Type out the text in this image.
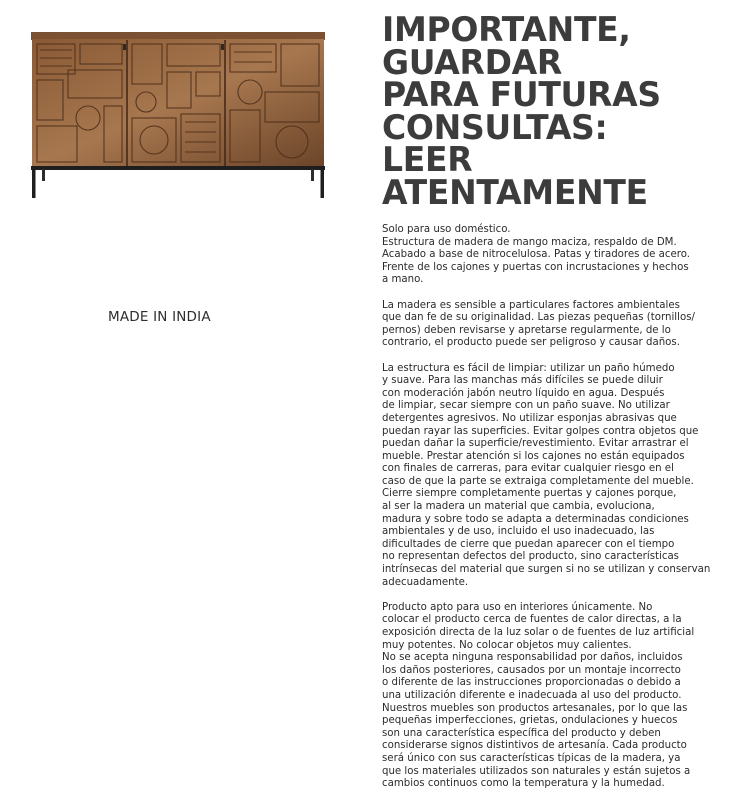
MADE IN INDIA
IMPORTANTE,
GUARDAR
PARA FUTURAS
CONSULTAS:
LEER
ATENTAMENTE
Solo para uso doméstico.
Estructura de madera de mango maciza, respaldo de DM.
Acabado a base de nitrocelulosa. Patas y tiradores de acero.
Frente de los cajones y puertas con incrustaciones y hechos
a mano.
La madera es sensible a particulares factores ambientales
que dan fe de su originalidad. Las piezas pequeñas (tornillos/
pernos) deben revisarse y apretarse regularmente, de lo
contrario, el producto puede ser peligroso y causar daños.
La estructura es fácil de limpiar: utilizar un paño húmedo
y suave. Para las manchas más difíciles se puede diluir
con moderación jabón neutro líquido en agua. Después
de limpiar, secar siempre con un paño suave. No utilizar
detergentes agresivos. No utilizar esponjas abrasivas que
puedan rayar las superficies. Evitar golpes contra objetos que
puedan dañar la superficie/revestimiento. Evitar arrastrar el
mueble. Prestar atención si los cajones no están equipados
con finales de carreras, para evitar cualquier riesgo en el
caso de que la parte se extraiga completamente del mueble.
Cierre siempre completamente puertas y cajones porque,
al ser la madera un material que cambia, evoluciona,
madura y sobre todo se adapta a determinadas condiciones
ambientales y de uso, incluido el uso inadecuado, las
dificultades de cierre que puedan aparecer con el tiempo
no representan defectos del producto, sino características
intrínsecas del material que surgen si no se utilizan y conservan
adecuadamente.
Producto apto para uso en interiores únicamente. No
colocar el producto cerca de fuentes de calor directas, a la
exposición directa de la luz solar o de fuentes de luz artificial
muy potentes. No colocar objetos muy calientes.
No se acepta ninguna responsabilidad por daños, incluidos
los daños posteriores, causados por un montaje incorrecto
o diferente de las instrucciones proporcionadas o debido a
una utilización diferente e inadecuada al uso del producto.
Nuestros muebles son productos artesanales, por lo que las
pequeñas imperfecciones, grietas, ondulaciones y huecos
son una característica específica del producto y deben
considerarse signos distintivos de artesanía. Cada producto
será único con sus características típicas de la madera, ya
que los materiales utilizados son naturales y están sujetos a
cambios continuos como la temperatura y la humedad.
